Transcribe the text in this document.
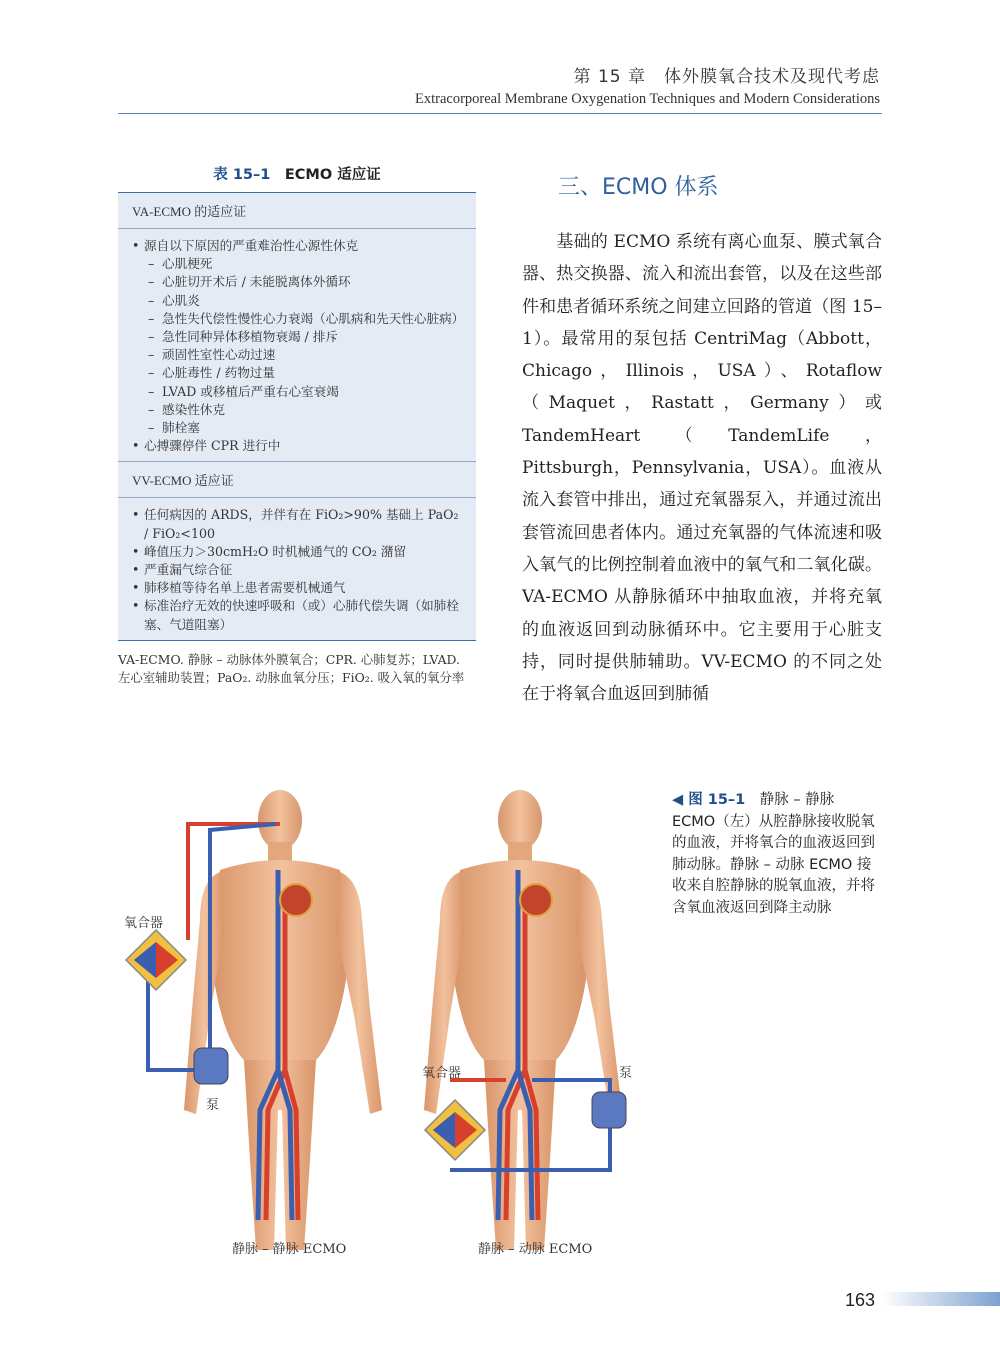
第 15 章　体外膜氧合技术及现代考虑
Extracorporeal Membrane Oxygenation Techniques and Modern Considerations
表 15–1　 ECMO 适应证
VA-ECMO 的适应证
• 源自以下原因的严重难治性心源性休克
– 心肌梗死
– 心脏切开术后 / 未能脱离体外循环
– 心肌炎
– 急性失代偿性慢性心力衰竭（心肌病和先天性心脏病）
– 急性同种异体移植物衰竭 / 排斥
– 顽固性室性心动过速
– 心脏毒性 / 药物过量
– LVAD 或移植后严重右心室衰竭
– 感染性休克
– 肺栓塞
• 心搏骤停伴 CPR 进行中
VV-ECMO 适应证
• 任何病因的 ARDS，并伴有在 FiO₂>90% 基础上 PaO₂ / FiO₂<100
• 峰值压力＞30cmH₂O 时机械通气的 CO₂ 潴留
• 严重漏气综合征
• 肺移植等待名单上患者需要机械通气
• 标准治疗无效的快速呼吸和（或）心肺代偿失调（如肺栓塞、气道阻塞）
VA-ECMO. 静脉 – 动脉体外膜氧合；CPR. 心肺复苏；LVAD. 左心室辅助装置；PaO₂. 动脉血氧分压；FiO₂. 吸入氧的氧分率
三、ECMO 体系
　　基础的 ECMO 系统有离心血泵、膜式氧合器、热交换器、流入和流出套管，以及在这些部件和患者循环系统之间建立回路的管道（图 15–1）。最常用的泵包括 CentriMag（Abbott，Chicago，Illinois，USA）、Rotaflow（Maquet，Rastatt，Germany）或 TandemHeart（TandemLife，Pittsburgh，Pennsylvania，USA）。血液从流入套管中排出，通过充氧器泵入，并通过流出套管流回患者体内。通过充氧器的气体流速和吸入氧气的比例控制着血液中的氧气和二氧化碳。VA-ECMO 从静脉循环中抽取血液，并将充氧的血液返回到动脉循环中。它主要用于心脏支持，同时提供肺辅助。VV-ECMO 的不同之处在于将氧合血返回到肺循
氧合器
泵
静脉 – 静脉 ECMO
氧合器	泵
静脉 – 动脉 ECMO
◀ 图 15–1　 静脉 – 静脉 ECMO（左）从腔静脉接收脱氧的血液，并将氧合的血液返回到肺动脉。静脉 – 动脉 ECMO 接收来自腔静脉的脱氧血液，并将含氧血液返回到降主动脉
163
